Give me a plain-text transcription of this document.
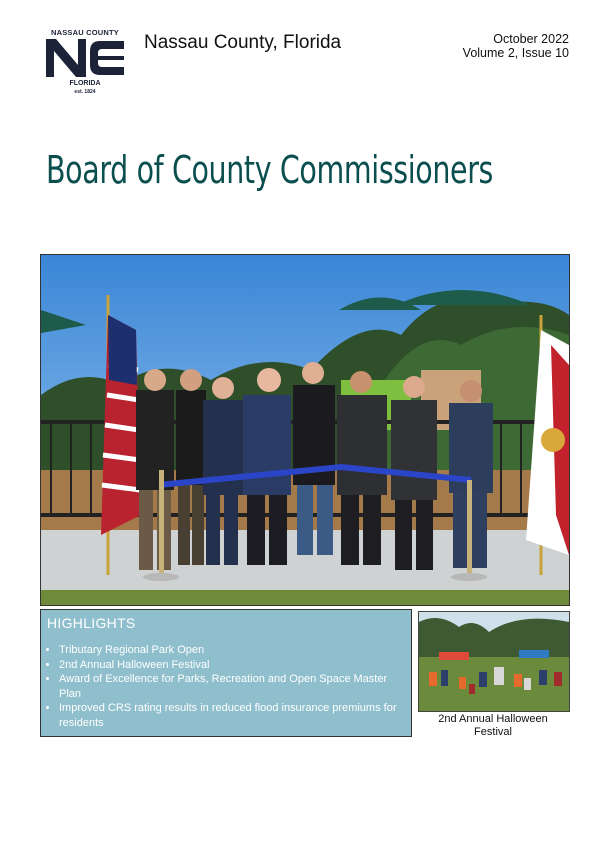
NASSAU COUNTY
FLORIDA
est. 1824
Nassau County, Florida	October 2022
Volume 2, Issue 10
Board of County Commissioners
HIGHLIGHTS
• Tributary Regional Park Open
• 2nd Annual Halloween Festival
• Award of Excellence for Parks, Recreation and Open Space Master Plan
• Improved CRS rating results in reduced flood insurance premiums for residents	2nd Annual Halloween Festival
